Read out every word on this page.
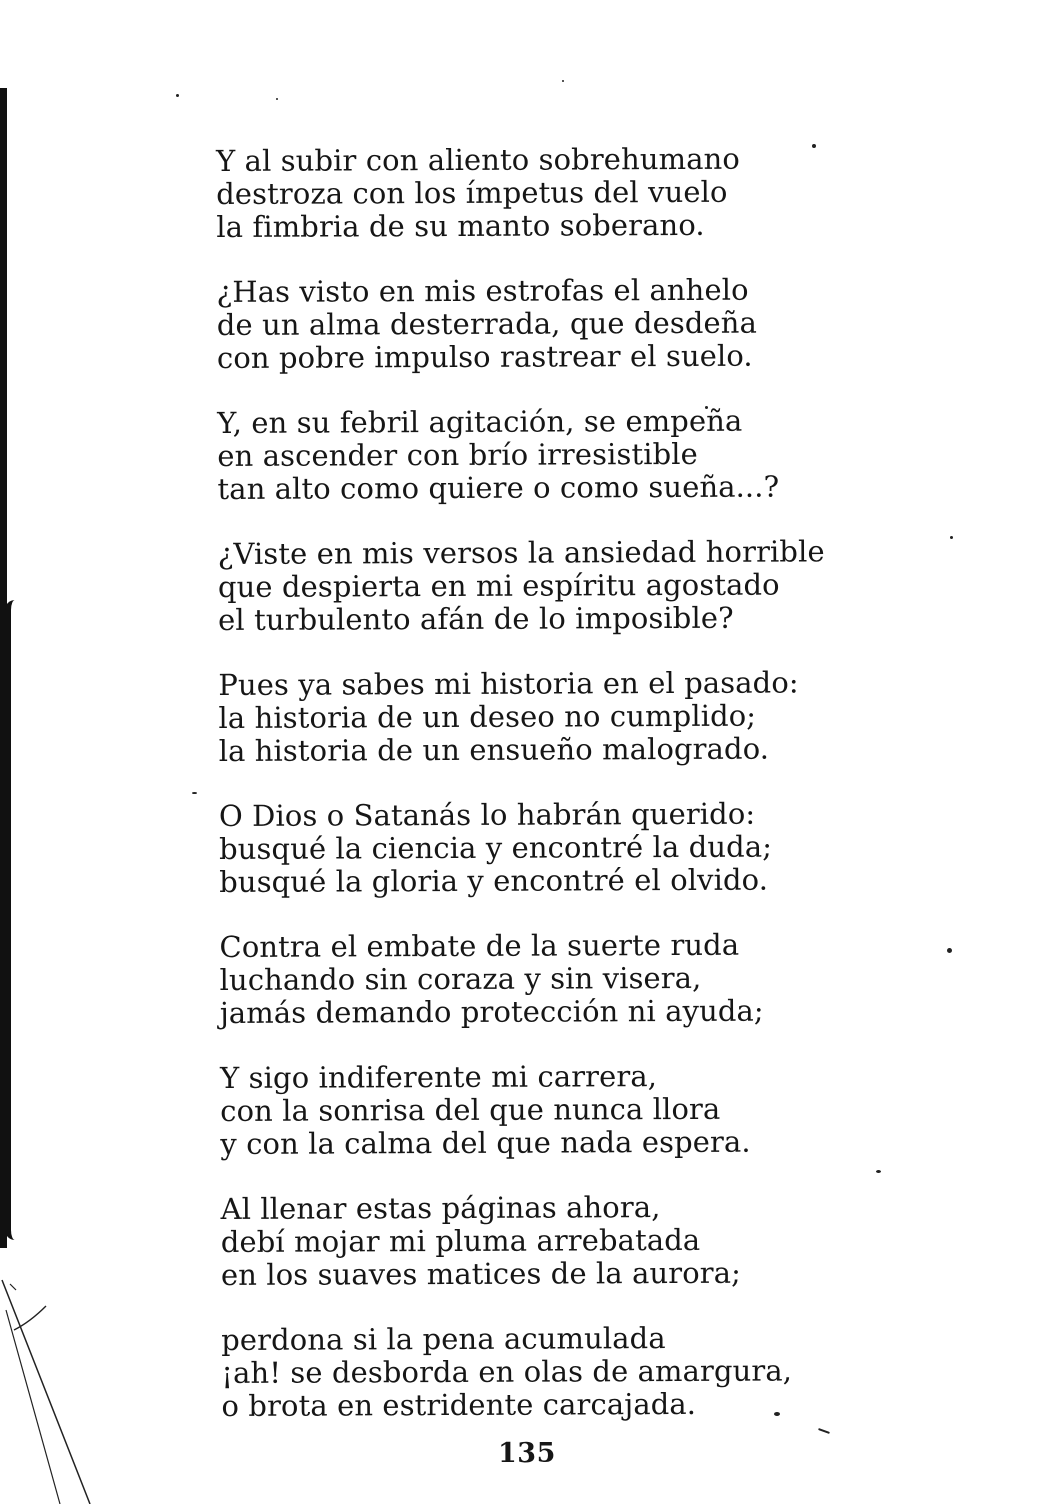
Y al subir con aliento sobrehumano
destroza con los ímpetus del vuelo
la fimbria de su manto soberano.
¿Has visto en mis estrofas el anhelo
de un alma desterrada, que desdeña
con pobre impulso rastrear el suelo.
Y, en su febril agitación, se empeña
en ascender con brío irresistible
tan alto como quiere o como sueña...?
¿Viste en mis versos la ansiedad horrible
que despierta en mi espíritu agostado
el turbulento afán de lo imposible?
Pues ya sabes mi historia en el pasado:
la historia de un deseo no cumplido;
la historia de un ensueño malogrado.
O Dios o Satanás lo habrán querido:
busqué la ciencia y encontré la duda;
busqué la gloria y encontré el olvido.
Contra el embate de la suerte ruda
luchando sin coraza y sin visera,
jamás demando protección ni ayuda;
Y sigo indiferente mi carrera,
con la sonrisa del que nunca llora
y con la calma del que nada espera.
Al llenar estas páginas ahora,
debí mojar mi pluma arrebatada
en los suaves matices de la aurora;
perdona si la pena acumulada
¡ah! se desborda en olas de amargura,
o brota en estridente carcajada.
135
